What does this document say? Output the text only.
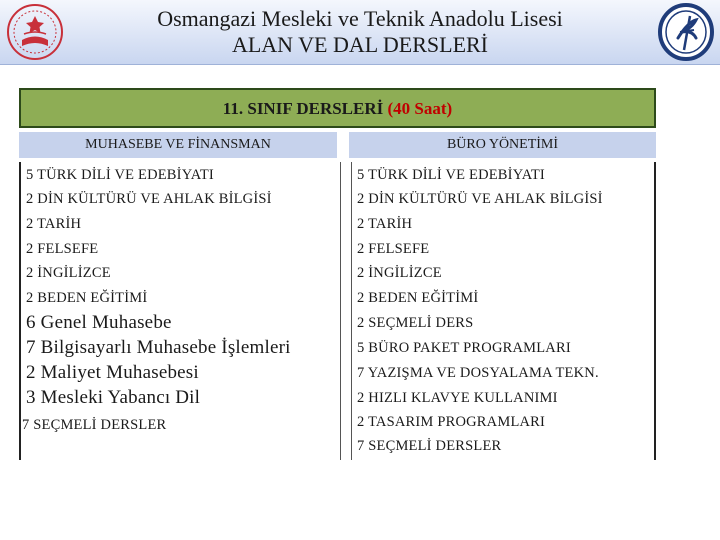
Osmangazi Mesleki ve Teknik Anadolu Lisesi
ALAN VE DAL DERSLERİ
11. SINIF DERSLERİ (40 Saat)
MUHASEBE VE FİNANSMAN	BÜRO YÖNETİMİ
5 TÜRK DİLİ VE EDEBİYATI
2 DİN KÜLTÜRÜ VE AHLAK BİLGİSİ
2 TARİH
2 FELSEFE
2 İNGİLİZCE
2 BEDEN EĞİTİMİ
6 Genel Muhasebe
7 Bilgisayarlı Muhasebe İşlemleri
2 Maliyet Muhasebesi
3 Mesleki Yabancı Dil
7 SEÇMELİ DERSLER
5 TÜRK DİLİ VE EDEBİYATI
2 DİN KÜLTÜRÜ VE AHLAK BİLGİSİ
2 TARİH
2 FELSEFE
2 İNGİLİZCE
2 BEDEN EĞİTİMİ
2 SEÇMELİ DERS
5 BÜRO PAKET PROGRAMLARI
7 YAZIŞMA VE DOSYALAMA TEKN.
2 HIZLI KLAVYE KULLANIMI
2 TASARIM PROGRAMLARI
7 SEÇMELİ DERSLER
